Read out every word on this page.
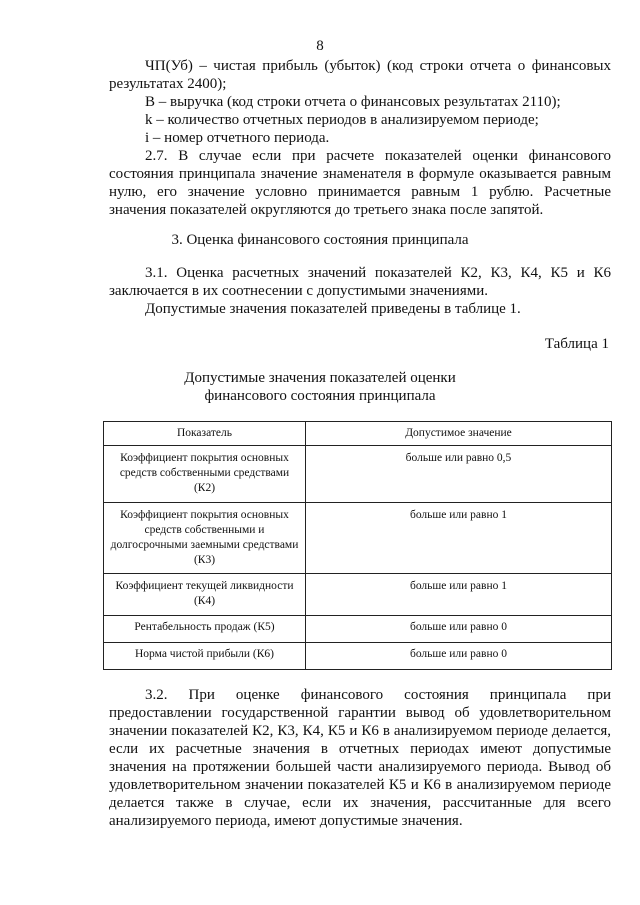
8

ЧП(Уб) – чистая прибыль (убыток) (код строки отчета о финансовых результатах 2400);

В – выручка (код строки отчета о финансовых результатах 2110);

k – количество отчетных периодов в анализируемом периоде;

i – номер отчетного периода.

2.7. В случае если при расчете показателей оценки финансового состояния принципала значение знаменателя в формуле оказывается равным нулю, его значение условно принимается равным 1 рублю. Расчетные значения показателей округляются до третьего знака после запятой.

3. Оценка финансового состояния принципала

3.1. Оценка расчетных значений показателей К2, К3, К4, К5 и К6 заключается в их соотнесении с допустимыми значениями.

Допустимые значения показателей приведены в таблице 1.

Таблица 1
Допустимые значения показателей оценки
финансового состояния принципала
Показатель	Допустимое значение
Коэффициент покрытия основных средств собственными средствами (К2)	больше или равно 0,5
Коэффициент покрытия основных средств собственными и долгосрочными заемными средствами (К3)	больше или равно 1
Коэффициент текущей ликвидности (К4)	больше или равно 1
Рентабельность продаж (К5)	больше или равно 0
Норма чистой прибыли (К6)	больше или равно 0

3.2. При оценке финансового состояния принципала при предоставлении государственной гарантии вывод об удовлетворительном значении показателей К2, К3, К4, К5 и К6 в анализируемом периоде делается, если их расчетные значения в отчетных периодах имеют допустимые значения на протяжении большей части анализируемого периода. Вывод об удовлетворительном значении показателей К5 и К6 в анализируемом периоде делается также в случае, если их значения, рассчитанные для всего анализируемого периода, имеют допустимые значения.
